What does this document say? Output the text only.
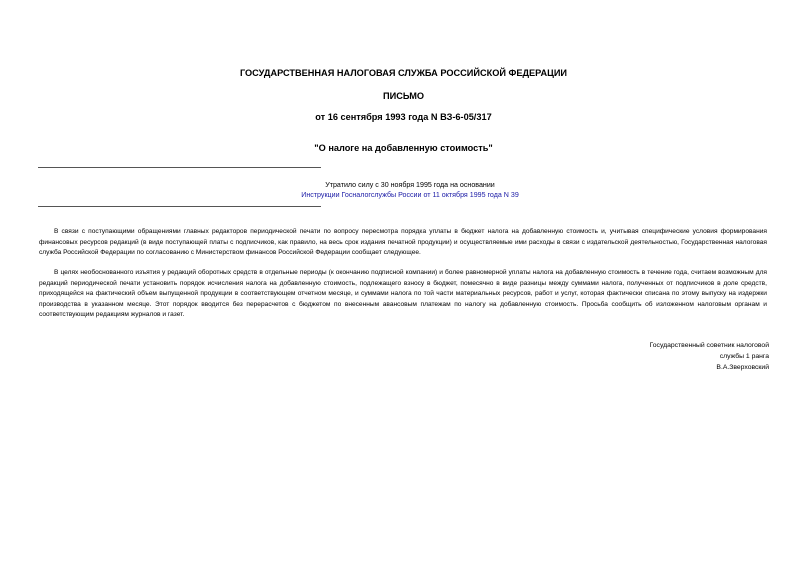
ГОСУДАРСТВЕННАЯ НАЛОГОВАЯ СЛУЖБА РОССИЙСКОЙ ФЕДЕРАЦИИ
ПИСЬМО
от 16 сентября 1993 года N ВЗ-6-05/317
"О налоге на добавленную стоимость"
Утратило силу с 30 ноября 1995 года на основании
Инструкции Госналогслужбы России от 11 октября 1995 года N 39

В связи с поступающими обращениями главных редакторов периодической печати по вопросу пересмотра порядка уплаты в бюджет налога на добавленную стоимость и, учитывая специфические условия формирования финансовых ресурсов редакций (в виде поступающей платы с подписчиков, как правило, на весь срок издания печатной продукции) и осуществляемые ими расходы в связи с издательской деятельностью, Государственная налоговая служба Российской Федерации по согласованию с Министерством финансов Российской Федерации сообщает следующее.

В целях необоснованного изъятия у редакций оборотных средств в отдельные периоды (к окончанию подписной компании) и более равномерной уплаты налога на добавленную стоимость в течение года, считаем возможным для редакций периодической печати установить порядок исчисления налога на добавленную стоимость, подлежащего взносу в бюджет, помесячно в виде разницы между суммами налога, полученных от подписчиков в доле средств, приходящейся на фактический объем выпущенной продукции в соответствующем отчетном месяце, и суммами налога по той части материальных ресурсов, работ и услуг, которая фактически списана по этому выпуску на издержки производства в указанном месяце. Этот порядок вводится без перерасчетов с бюджетом по внесенным авансовым платежам по налогу на добавленную стоимость. Просьба сообщить об изложенном налоговым органам и соответствующим редакциям журналов и газет.

Государственный советник налоговой
службы 1 ранга
В.А.Зверховский
